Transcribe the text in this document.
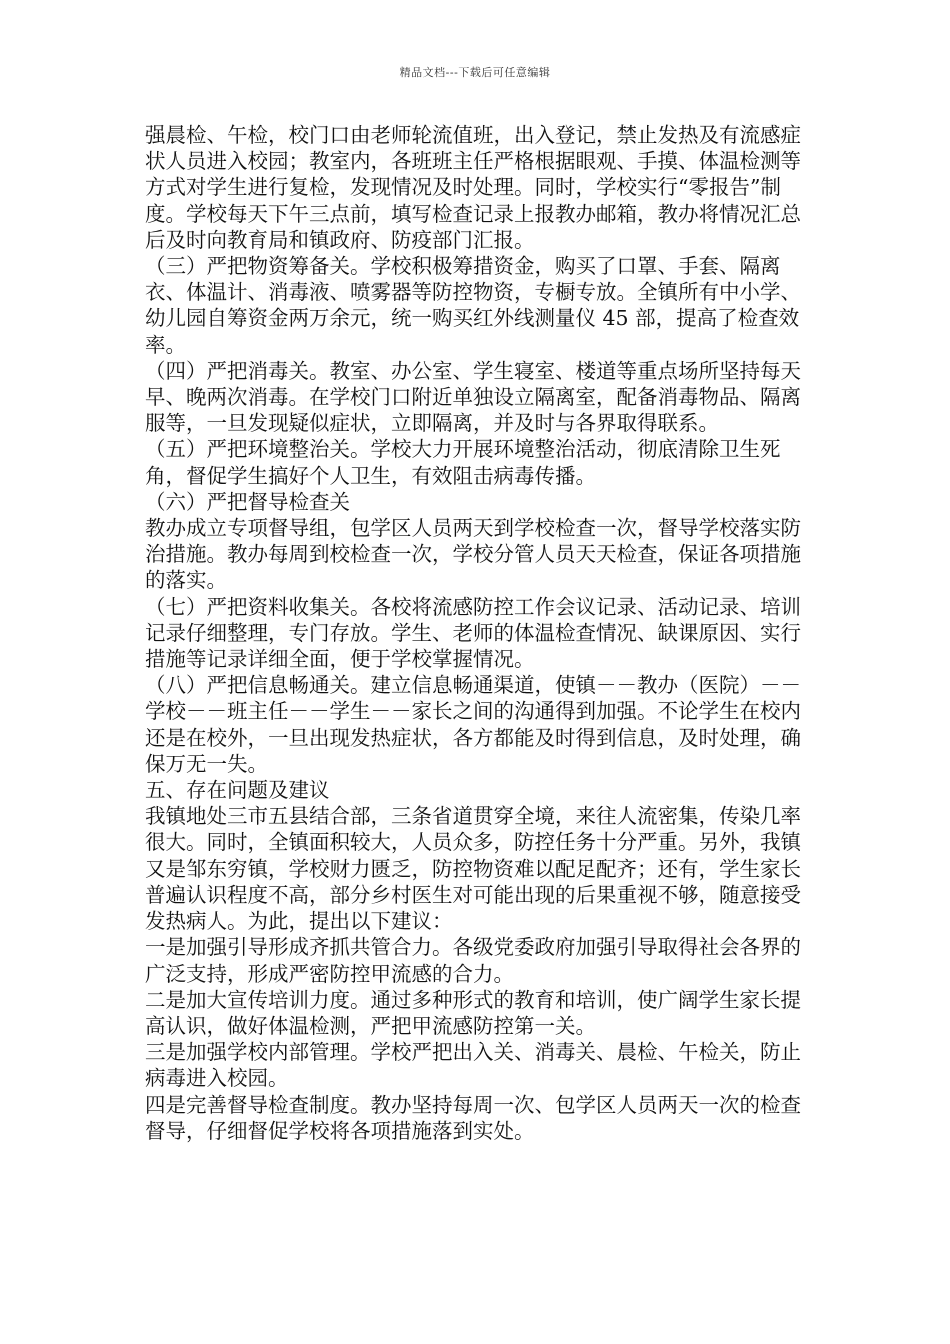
精品文档---下载后可任意编辑

强晨检、午检，校门口由老师轮流值班，出入登记，禁止发热及有流感症状人员进入校园；教室内，各班班主任严格根据眼观、手摸、体温检测等方式对学生进行复检，发现情况及时处理。同时，学校实行“零报告”制度。学校每天下午三点前，填写检查记录上报教办邮箱，教办将情况汇总后及时向教育局和镇政府、防疫部门汇报。

（三）严把物资筹备关。学校积极筹措资金，购买了口罩、手套、隔离衣、体温计、消毒液、喷雾器等防控物资，专橱专放。全镇所有中小学、幼儿园自筹资金两万余元，统一购买红外线测量仪 45 部，提高了检查效率。

（四）严把消毒关。教室、办公室、学生寝室、楼道等重点场所坚持每天早、晚两次消毒。在学校门口附近单独设立隔离室，配备消毒物品、隔离服等，一旦发现疑似症状，立即隔离，并及时与各界取得联系。

（五）严把环境整治关。学校大力开展环境整治活动，彻底清除卫生死角，督促学生搞好个人卫生，有效阻击病毒传播。

（六）严把督导检查关

教办成立专项督导组，包学区人员两天到学校检查一次，督导学校落实防治措施。教办每周到校检查一次，学校分管人员天天检查，保证各项措施的落实。

（七）严把资料收集关。各校将流感防控工作会议记录、活动记录、培训记录仔细整理，专门存放。学生、老师的体温检查情况、缺课原因、实行措施等记录详细全面，便于学校掌握情况。

（八）严把信息畅通关。建立信息畅通渠道，使镇－－教办（医院）－－学校－－班主任－－学生－－家长之间的沟通得到加强。不论学生在校内还是在校外，一旦出现发热症状，各方都能及时得到信息，及时处理，确保万无一失。

五、存在问题及建议

我镇地处三市五县结合部，三条省道贯穿全境，来往人流密集，传染几率很大。同时，全镇面积较大，人员众多，防控任务十分严重。另外，我镇又是邹东穷镇，学校财力匮乏，防控物资难以配足配齐；还有，学生家长普遍认识程度不高，部分乡村医生对可能出现的后果重视不够，随意接受发热病人。为此，提出以下建议：

一是加强引导形成齐抓共管合力。各级党委政府加强引导取得社会各界的广泛支持，形成严密防控甲流感的合力。

二是加大宣传培训力度。通过多种形式的教育和培训，使广阔学生家长提高认识，做好体温检测，严把甲流感防控第一关。

三是加强学校内部管理。学校严把出入关、消毒关、晨检、午检关，防止病毒进入校园。

四是完善督导检查制度。教办坚持每周一次、包学区人员两天一次的检查督导，仔细督促学校将各项措施落到实处。
